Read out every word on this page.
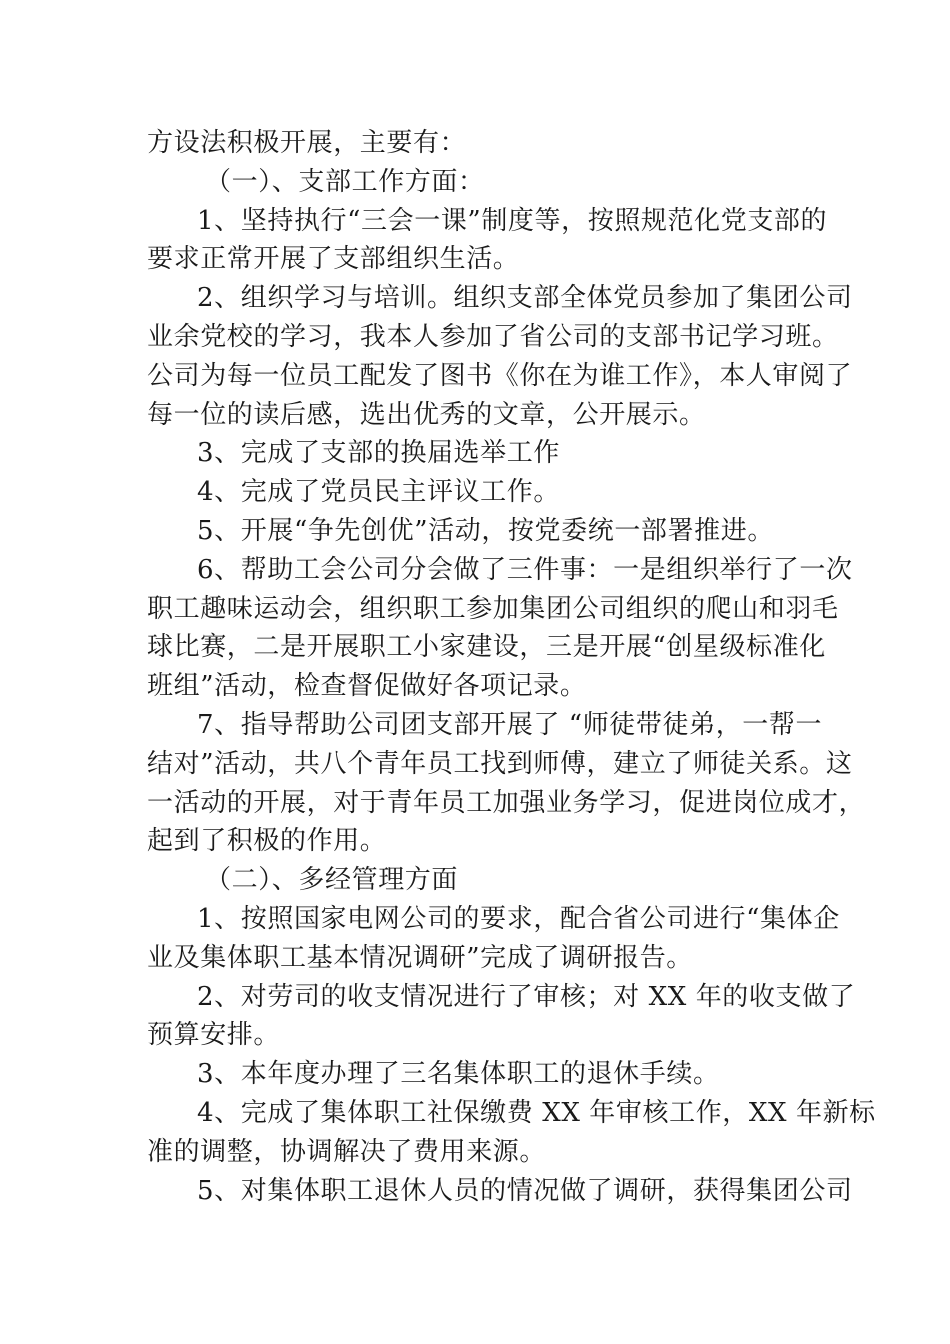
方设法积极开展，主要有：

（一）、支部工作方面：

1、坚持执行“三会一课”制度等，按照规范化党支部的

要求正常开展了支部组织生活。

2、组织学习与培训。组织支部全体党员参加了集团公司

业余党校的学习，我本人参加了省公司的支部书记学习班。

公司为每一位员工配发了图书《你在为谁工作》，本人审阅了

每一位的读后感，选出优秀的文章，公开展示。

3、完成了支部的换届选举工作

4、完成了党员民主评议工作。

5、开展“争先创优”活动，按党委统一部署推进。

6、帮助工会公司分会做了三件事：一是组织举行了一次

职工趣味运动会，组织职工参加集团公司组织的爬山和羽毛

球比赛，二是开展职工小家建设，三是开展“创星级标准化

班组”活动，检查督促做好各项记录。

7、指导帮助公司团支部开展了 “师徒带徒弟，一帮一

结对”活动，共八个青年员工找到师傅，建立了师徒关系。这

一活动的开展，对于青年员工加强业务学习，促进岗位成才，

起到了积极的作用。

（二）、多经管理方面

1、按照国家电网公司的要求，配合省公司进行“集体企

业及集体职工基本情况调研”完成了调研报告。

2、对劳司的收支情况进行了审核；对 XX 年的收支做了

预算安排。

3、本年度办理了三名集体职工的退休手续。

4、完成了集体职工社保缴费 XX 年审核工作，XX 年新标

准的调整，协调解决了费用来源。

5、对集体职工退休人员的情况做了调研，获得集团公司
